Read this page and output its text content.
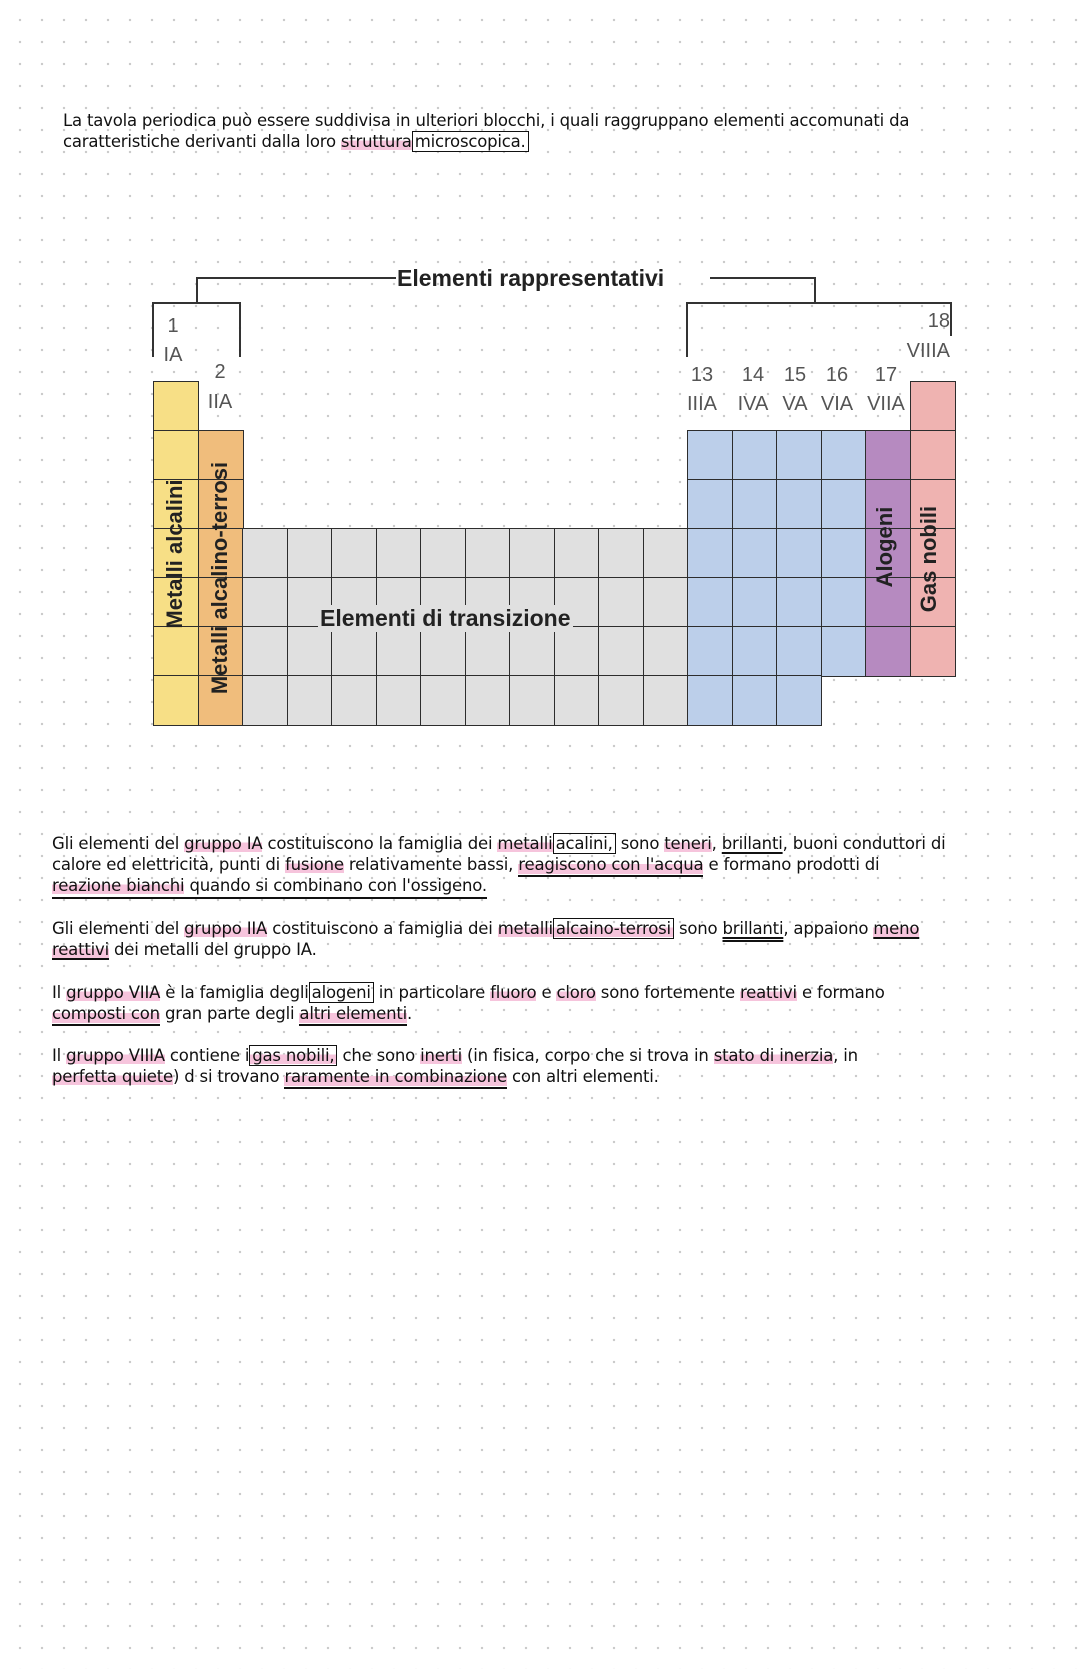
La tavola periodica può essere suddivisa in ulteriori blocchi, i quali raggruppano elementi accomunati da
caratteristiche derivanti dalla loro struttura microscopica.
Elementi rappresentativi
1
IA
2
IIA
13
IIIA
14
IVA
15
VA
16
VIA
17
VIIA
18
VIIIA
Metalli alcalini Metalli alcalino-terrosi	Alogeni Gas nobili
Elementi di transizione
Gli elementi del gruppo IA costituiscono la famiglia dei metalli acalini, sono teneri, brillanti, buoni conduttori di
calore ed elettricità, punti di fusione relativamente bassi, reagiscono con l'acqua e formano prodotti di
reazione bianchi quando si combinano con l'ossigeno.
Gli elementi del gruppo IIA costituiscono a famiglia dei metalli alcaino-terrosi sono brillanti, appaiono meno
reattivi dei metalli del gruppo IA.
Il gruppo VIIA è la famiglia degli alogeni in particolare fluoro e cloro sono fortemente reattivi e formano
composti con gran parte degli altri elementi.
Il gruppo VIIIA contiene i gas nobili, che sono inerti (in fisica, corpo che si trova in stato di inerzia, in
perfetta quiete) d si trovano raramente in combinazione con altri elementi.
